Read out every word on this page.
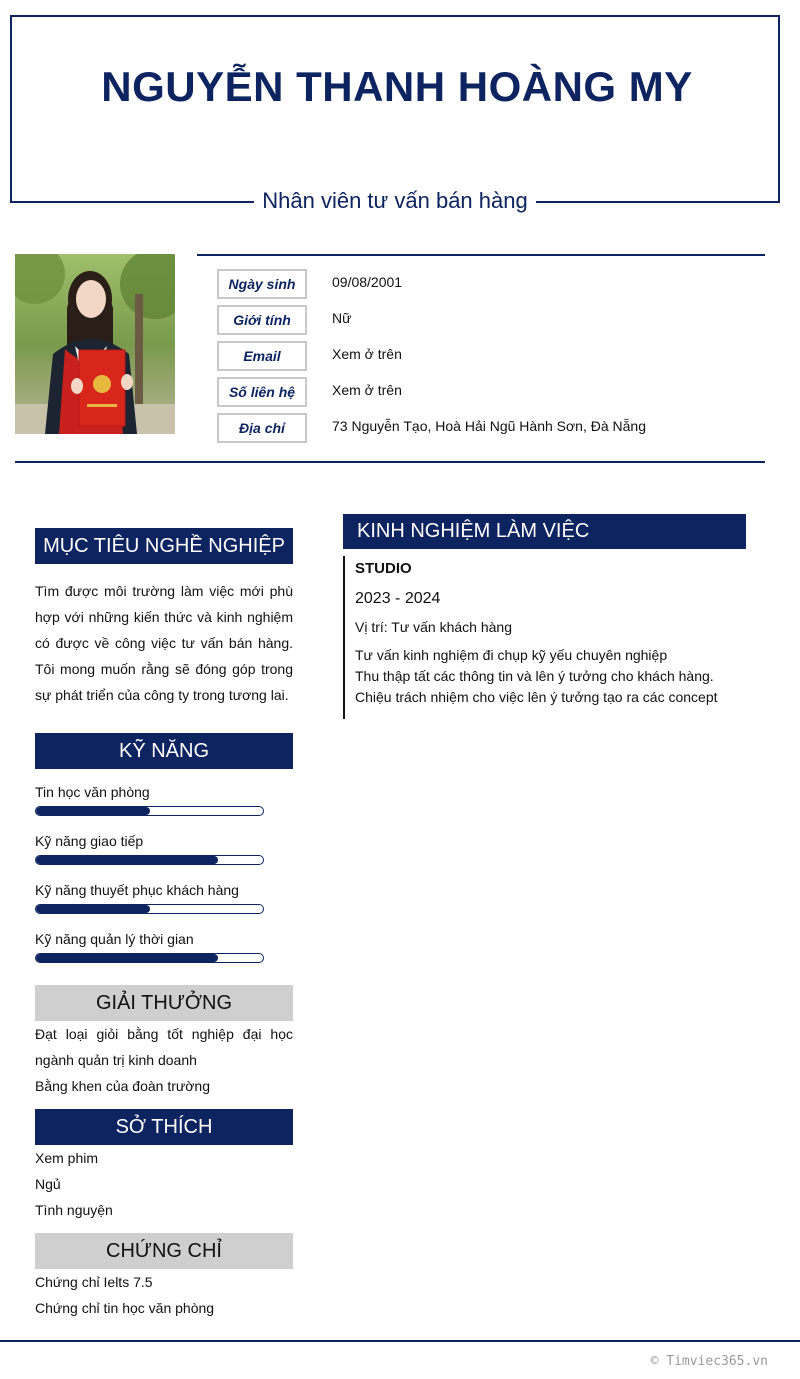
NGUYỄN THANH HOÀNG MY
Nhân viên tư vấn bán hàng
Ngày sinh	09/08/2001
Giới tính	Nữ
Email	Xem ở trên
Số liên hệ	Xem ở trên
Địa chỉ	73 Nguyễn Tạo, Hoà Hải Ngũ Hành Sơn, Đà Nẵng
MỤC TIÊU NGHỀ NGHIỆP
Tìm được môi trường làm việc mới phù hợp với những kiến thức và kinh nghiệm có được về công việc tư vấn bán hàng. Tôi mong muốn rằng sẽ đóng góp trong sự phát triển của công ty trong tương lai.
KỸ NĂNG
Tin học văn phòng
Kỹ năng giao tiếp
Kỹ năng thuyết phục khách hàng
Kỹ năng quản lý thời gian
GIẢI THƯỞNG
Đạt loại giỏi bằng tốt nghiệp đại học ngành quản trị kinh doanh
Bằng khen của đoàn trường
SỞ THÍCH
Xem phim
Ngủ
Tình nguyện
CHỨNG CHỈ
Chứng chỉ Ielts 7.5
Chứng chỉ tin học văn phòng
KINH NGHIỆM LÀM VIỆC
STUDIO
2023 - 2024
Vị trí: Tư vấn khách hàng
Tư vấn kinh nghiệm đi chụp kỹ yếu chuyên nghiệp
Thu thập tất các thông tin và lên ý tưởng cho khách hàng.
Chiệu trách nhiệm cho việc lên ý tưởng tạo ra các concept
© Timviec365.vn
